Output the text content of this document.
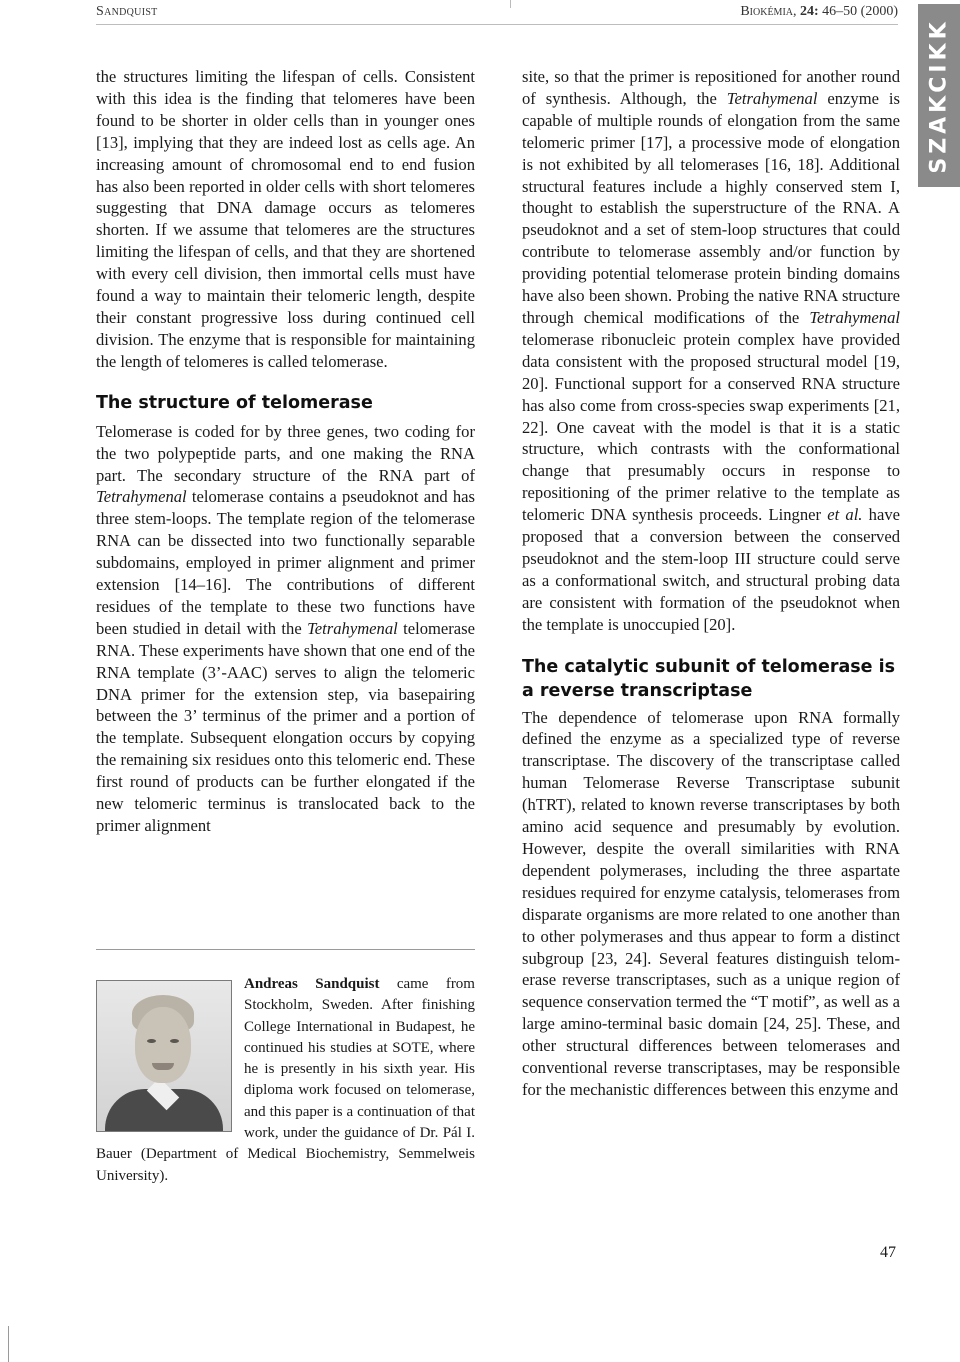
Sandquist	Biokémia, 24: 46–50 (2000)
SZAKCIKK

the structures limiting the lifespan of cells. Consistent with this idea is the finding that telomeres have been found to be shorter in older cells than in younger ones [13], implying that they are indeed lost as cells age. An increasing amount of chromosomal end to end fusion has also been reported in older cells with short telomeres suggesting that DNA damage occurs as telomeres shorten. If we assume that telomeres are the structures limiting the lifespan of cells, and that they are shortened with every cell division, then immortal cells must have found a way to maintain their telomeric length, despite their constant progressive loss during continued cell division. The enzyme that is responsible for maintaining the length of telomeres is called telomerase.

The structure of telomerase

Telomerase is coded for by three genes, two coding for the two polypeptide parts, and one making the RNA part. The secondary structure of the RNA part of Tetrahymenal telomerase contains a pseudoknot and has three stem-loops. The template region of the telomerase RNA can be dissected into two functionally separable subdomains, employed in primer alignment and primer extension [14–16]. The contributions of different residues of the template to these two functions have been studied in detail with the Tetrahymenal telomerase RNA. These experiments have shown that one end of the RNA template (3’-AAC) serves to align the telomeric DNA primer for the extension step, via basepairing between the 3’ terminus of the primer and a portion of the template. Subsequent elongation occurs by copying the remaining six residues onto this telomeric end. These first round of products can be further elongated if the new telomeric terminus is translocated back to the primer alignment

Andreas Sandquist came from Stockholm, Sweden. After finishing College International in Budapest, he continued his studies at SOTE, where he is presently in his sixth year. His diploma work focused on telomerase, and this paper is a continuation of that work, under the guidance of Dr. Pál I. Bauer (Department of Medical Biochemistry, Semmelweis University).

site, so that the primer is repositioned for another round of synthesis. Although, the Tetrahymenal enzyme is capable of multiple rounds of elongation from the same telomeric primer [17], a processive mode of elongation is not exhibited by all telomerases [16, 18]. Additional structural features include a highly conserved stem I, thought to establish the superstructure of the RNA. A pseudoknot and a set of stem-loop structures that could contribute to telomerase assembly and/or function by providing potential telomerase protein binding domains have also been shown. Probing the native RNA structure through chemical modifications of the Tetrahymenal telomerase ribonucleic protein complex have provided data consistent with the proposed structural model [19, 20]. Functional support for a conserved RNA structure has also come from cross-species swap experiments [21, 22]. One caveat with the model is that it is a static structure, which contrasts with the conformational change that presumably occurs in response to repositioning of the primer relative to the template as telomeric DNA synthesis proceeds. Lingner et al. have proposed that a conversion between the conserved pseudoknot and the stem-loop III structure could serve as a conformational switch, and structural probing data are consistent with formation of the pseudoknot when the template is unoccupied [20].

The catalytic subunit of telomerase is
a reverse transcriptase

The dependence of telomerase upon RNA formally defined the enzyme as a specialized type of reverse transcriptase. The discovery of the transcriptase called human Telomerase Reverse Transcriptase subunit (hTRT), related to known reverse transcriptases by both amino acid sequence and presumably by evolution. However, despite the overall similarities with RNA dependent polymerases, including the three aspartate residues required for enzyme catalysis, telomerases from disparate organisms are more related to one another than to other polymerases and thus appear to form a distinct subgroup [23, 24]. Several features distinguish telomerase reverse transcriptases, such as a unique region of sequence conservation termed the “T motif”, as well as a large amino-terminal basic domain [24, 25]. These, and other structural differences between telomerases and conventional reverse transcriptases, may be responsible for the mechanistic differences between this enzyme and

47
